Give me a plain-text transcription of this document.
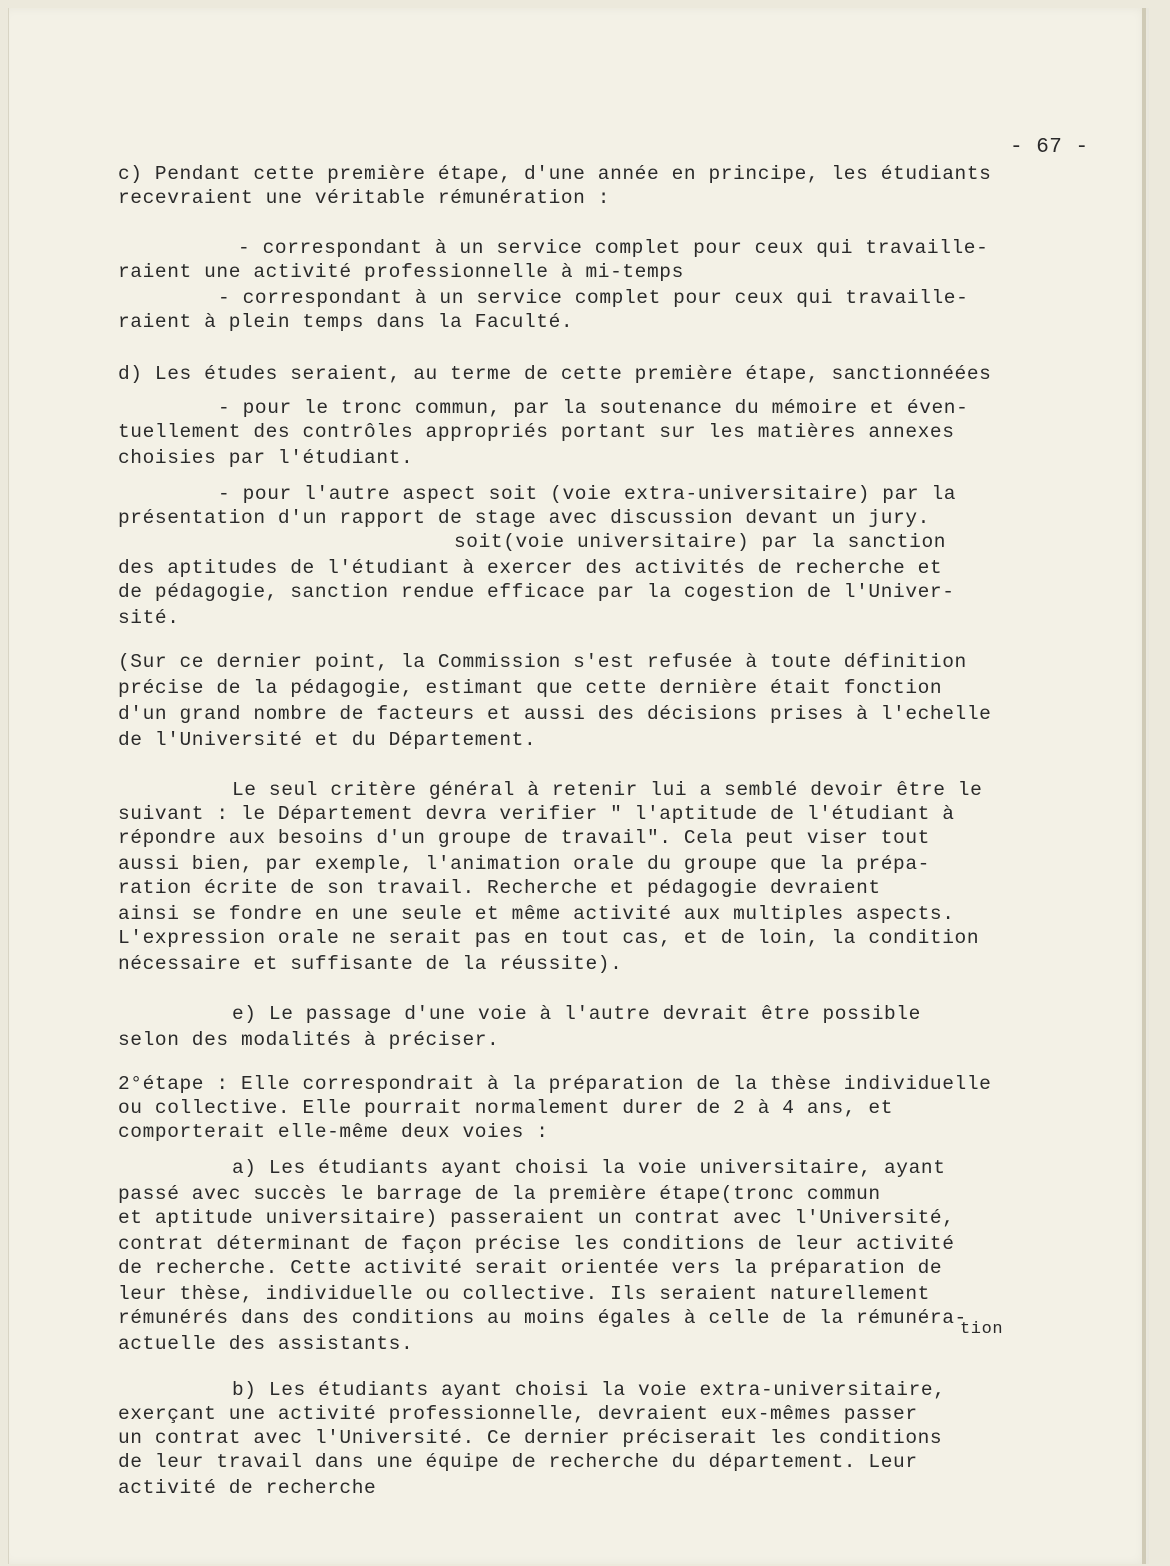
- 67 -
c) Pendant cette première étape, d'une année en principe, les étudiants
recevraient une véritable rémunération :
- correspondant à un service complet pour ceux qui travaille-
raient une activité professionnelle à mi-temps
- correspondant à un service complet pour ceux qui travaille-
raient à plein temps dans la Faculté.
d) Les études seraient, au terme de cette première étape, sanctionnéées
- pour le tronc commun, par la soutenance du mémoire et éven-
tuellement des contrôles appropriés portant sur les matières annexes
choisies par l'étudiant.
- pour l'autre aspect soit (voie extra-universitaire) par la
présentation d'un rapport de stage avec discussion devant un jury.
soit(voie universitaire) par la sanction
des aptitudes de l'étudiant à exercer des activités de recherche et
de pédagogie, sanction rendue efficace par la cogestion de l'Univer-
sité.
(Sur ce dernier point, la Commission s'est refusée à toute définition
précise de la pédagogie, estimant que cette dernière était fonction
d'un grand nombre de facteurs et aussi des décisions prises à l'echelle
de l'Université et du Département.
Le seul critère général à retenir lui a semblé devoir être le
suivant : le Département devra verifier " l'aptitude de l'étudiant à
répondre aux besoins d'un groupe de travail". Cela peut viser tout
aussi bien, par exemple, l'animation orale du groupe que la prépa-
ration écrite de son travail. Recherche et pédagogie devraient
ainsi se fondre en une seule et même activité aux multiples aspects.
L'expression orale ne serait pas en tout cas, et de loin, la condition
nécessaire et suffisante de la réussite).
e) Le passage d'une voie à l'autre devrait être possible
selon des modalités à préciser.
2°étape : Elle correspondrait à la préparation de la thèse individuelle
ou collective. Elle pourrait normalement durer de 2 à 4 ans, et
comporterait elle-même deux voies :
a) Les étudiants ayant choisi la voie universitaire, ayant
passé avec succès le barrage de la première étape(tronc commun
et aptitude universitaire) passeraient un contrat avec l'Université,
contrat déterminant de façon précise les conditions de leur activité
de recherche. Cette activité serait orientée vers la préparation de
leur thèse, individuelle ou collective. Ils seraient naturellement
rémunérés dans des conditions au moins égales à celle de la rémunéra-
tion
actuelle des assistants.
b) Les étudiants ayant choisi la voie extra-universitaire,
exerçant une activité professionnelle, devraient eux-mêmes passer
un contrat avec l'Université. Ce dernier préciserait les conditions
de leur travail dans une équipe de recherche du département. Leur
activité de recherche
